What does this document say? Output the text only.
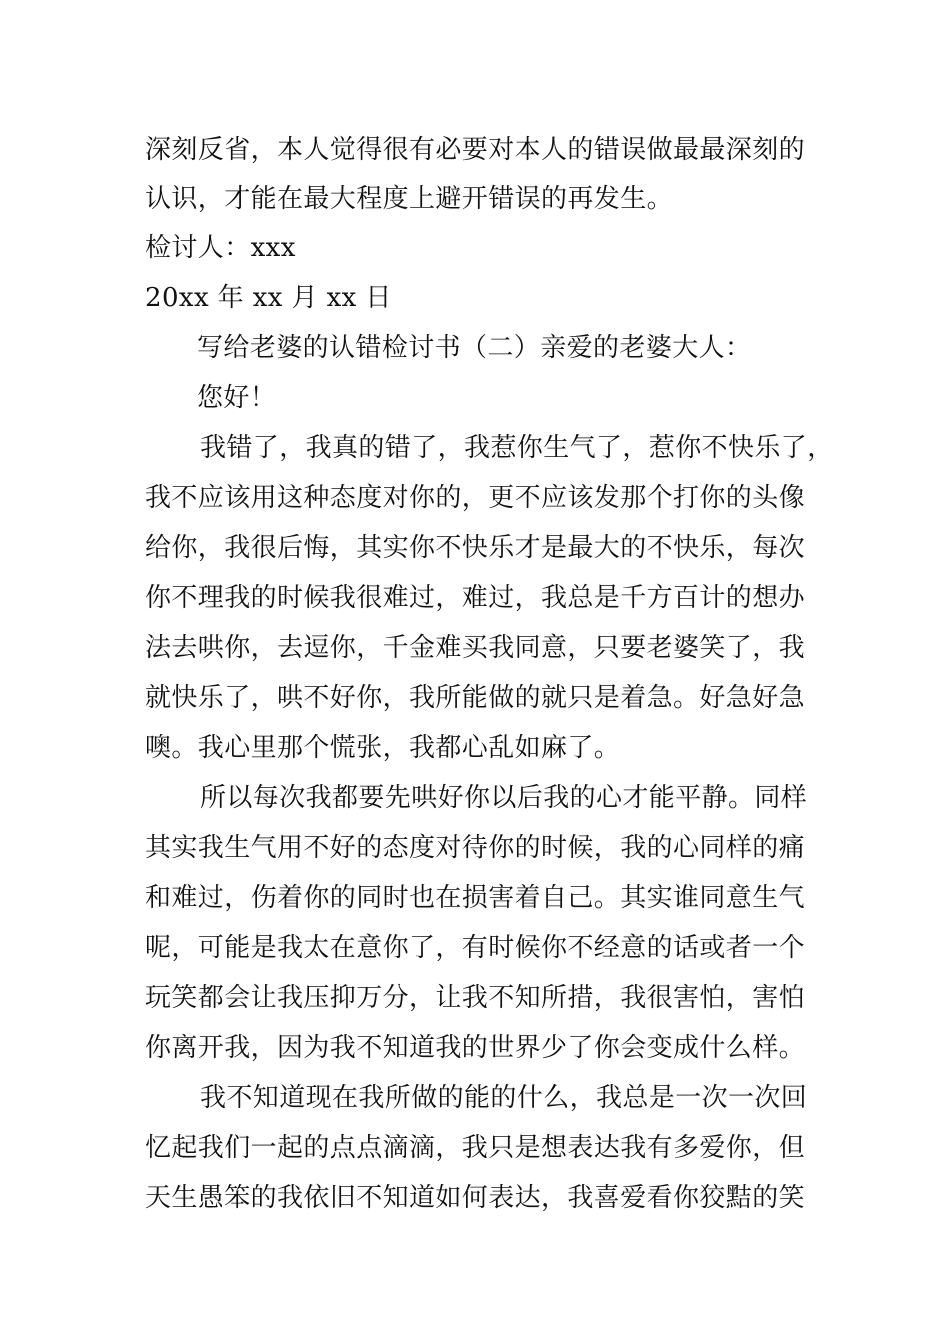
深刻反省，本人觉得很有必要对本人的错误做最最深刻的
认识，才能在最大程度上避开错误的再发生。
检讨人：xxx
20xx 年 xx 月 xx 日
写给老婆的认错检讨书（二）亲爱的老婆大人：
您好！
我错了，我真的错了，我惹你生气了，惹你不快乐了，
我不应该用这种态度对你的，更不应该发那个打你的头像
给你，我很后悔，其实你不快乐才是最大的不快乐，每次
你不理我的时候我很难过，难过，我总是千方百计的想办
法去哄你，去逗你，千金难买我同意，只要老婆笑了，我
就快乐了，哄不好你，我所能做的就只是着急。好急好急
噢。我心里那个慌张，我都心乱如麻了。
所以每次我都要先哄好你以后我的心才能平静。同样
其实我生气用不好的态度对待你的时候，我的心同样的痛
和难过，伤着你的同时也在损害着自己。其实谁同意生气
呢，可能是我太在意你了，有时候你不经意的话或者一个
玩笑都会让我压抑万分，让我不知所措，我很害怕，害怕
你离开我，因为我不知道我的世界少了你会变成什么样。
我不知道现在我所做的能的什么，我总是一次一次回
忆起我们一起的点点滴滴，我只是想表达我有多爱你，但
天生愚笨的我依旧不知道如何表达，我喜爱看你狡黠的笑
